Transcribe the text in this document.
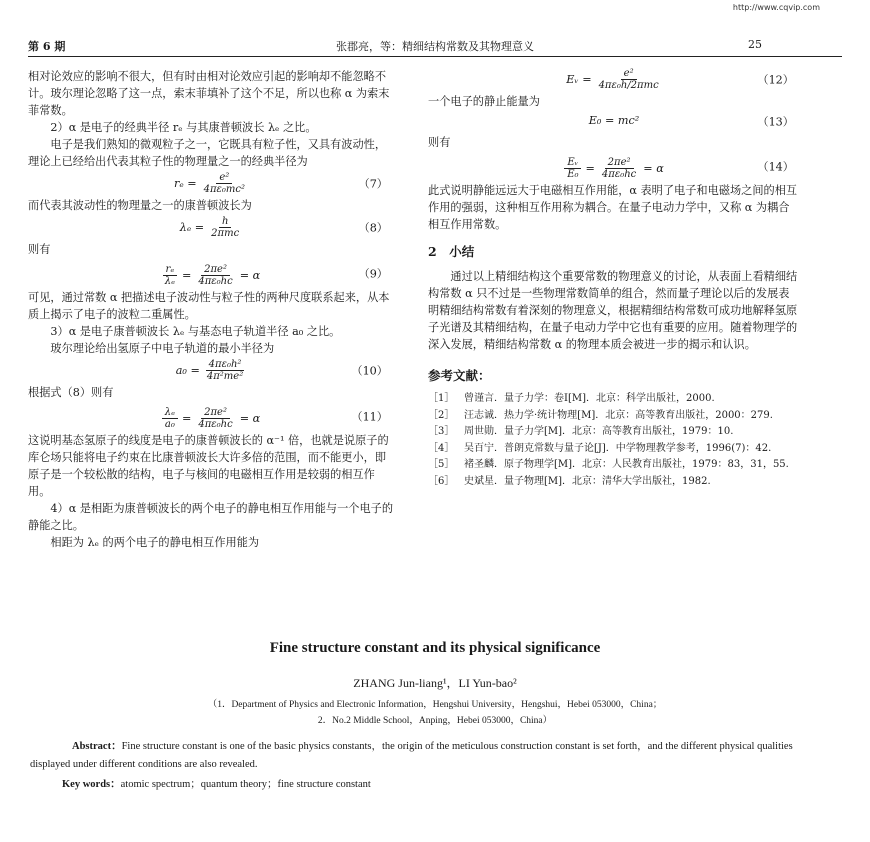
http://www.cqvip.com
第 6 期	张郡亮，等：精细结构常数及其物理意义	25

相对论效应的影响不很大，但有时由相对论效应引起的影响却不能忽略不计。玻尔理论忽略了这一点，索末菲填补了这个不足，所以也称 α 为索末菲常数。

2）α 是电子的经典半径 rₑ 与其康普顿波长 λₑ 之比。

电子是我们熟知的微观粒子之一，它既具有粒子性，又具有波动性，理论上已经给出代表其粒子性的物理量之一的经典半径为

$r_e = \frac{\text{e²}}{\text{4πε₀mc²}}$	（7）

而代表其波动性的物理量之一的康普顿波长为

$\lambda_e = \frac{h}{\text{2πmc}}$	（8）

则有

$\frac{\text{rₑ}}{\text{λₑ}} = \frac{\text{2πe²}}{\text{4πε₀hc}} = \alpha$	（9）

可见，通过常数 α 把描述电子波动性与粒子性的两种尺度联系起来，从本质上揭示了电子的波粒二重属性。

3）α 是电子康普顿波长 λₑ 与基态电子轨道半径 a₀ 之比。

玻尔理论给出氢原子中电子轨道的最小半径为

$a_0 = \frac{\text{4πε₀h²}}{\text{4π²me²}}$	（10）

根据式（8）则有

$\frac{\text{λₑ}}{\text{a₀}} = \frac{\text{2πe²}}{\text{4πε₀hc}} = \alpha$	（11）

这说明基态氢原子的线度是电子的康普顿波长的 α⁻¹ 倍，也就是说原子的库仑场只能将电子约束在比康普顿波长大许多倍的范围，而不能更小，即原子是一个较松散的结构，电子与核间的电磁相互作用是较弱的相互作用。

4）α 是相距为康普顿波长的两个电子的静电相互作用能与一个电子的静能之比。

相距为 λₑ 的两个电子的静电相互作用能为

Eᵥ = $\frac{\text{e²}}{\text{4πε₀h/2πmc}}$	（12）

一个电子的静止能量为

E₀ = mc²	（13）

则有

$\frac{\text{Eᵥ}}{\text{E₀}} = \frac{\text{2πe²}}{\text{4πε₀hc}} = \alpha$	（14）

此式说明静能远远大于电磁相互作用能，α 表明了电子和电磁场之间的相互作用的强弱，这种相互作用称为耦合。在量子电动力学中，又称 α 为耦合相互作用常数。

2　小结

通过以上精细结构这个重要常数的物理意义的讨论，从表面上看精细结构常数 α 只不过是一些物理常数简单的组合，然而量子理论以后的发展表明精细结构常数有着深刻的物理意义，根据精细结构常数可成功地解释氢原子光谱及其精细结构，在量子电动力学中它也有重要的应用。随着物理学的深入发展，精细结构常数 α 的物理本质会被进一步的揭示和认识。

参考文献：
［1］ 曾谨言．量子力学：卷Ⅰ[M]．北京：科学出版社，2000.
［2］ 汪志诚．热力学·统计物理[M]．北京：高等教育出版社，2000：279.
［3］ 周世勋．量子力学[M]．北京：高等教育出版社，1979：10.
［4］ 吴百宁．普朗克常数与量子论[J]．中学物理教学参考，1996(7)：42.
［5］ 褚圣麟．原子物理学[M]．北京：人民教育出版社，1979：83，31，55.
［6］ 史斌星．量子物理[M]．北京：清华大学出版社，1982.
Fine structure constant and its physical significance
ZHANG Jun-liang¹，LI Yun-bao²
（1．Department of Physics and Electronic Information，Hengshui University，Hengshui，Hebei 053000，China；
2．No.2 Middle School，Anping，Hebei 053000，China）
Abstract：Fine structure constant is one of the basic physics constants，the origin of the meticulous construction constant is set forth，and the different physical qualities displayed under different conditions are also revealed.
Key words：atomic spectrum；quantum theory；fine structure constant
